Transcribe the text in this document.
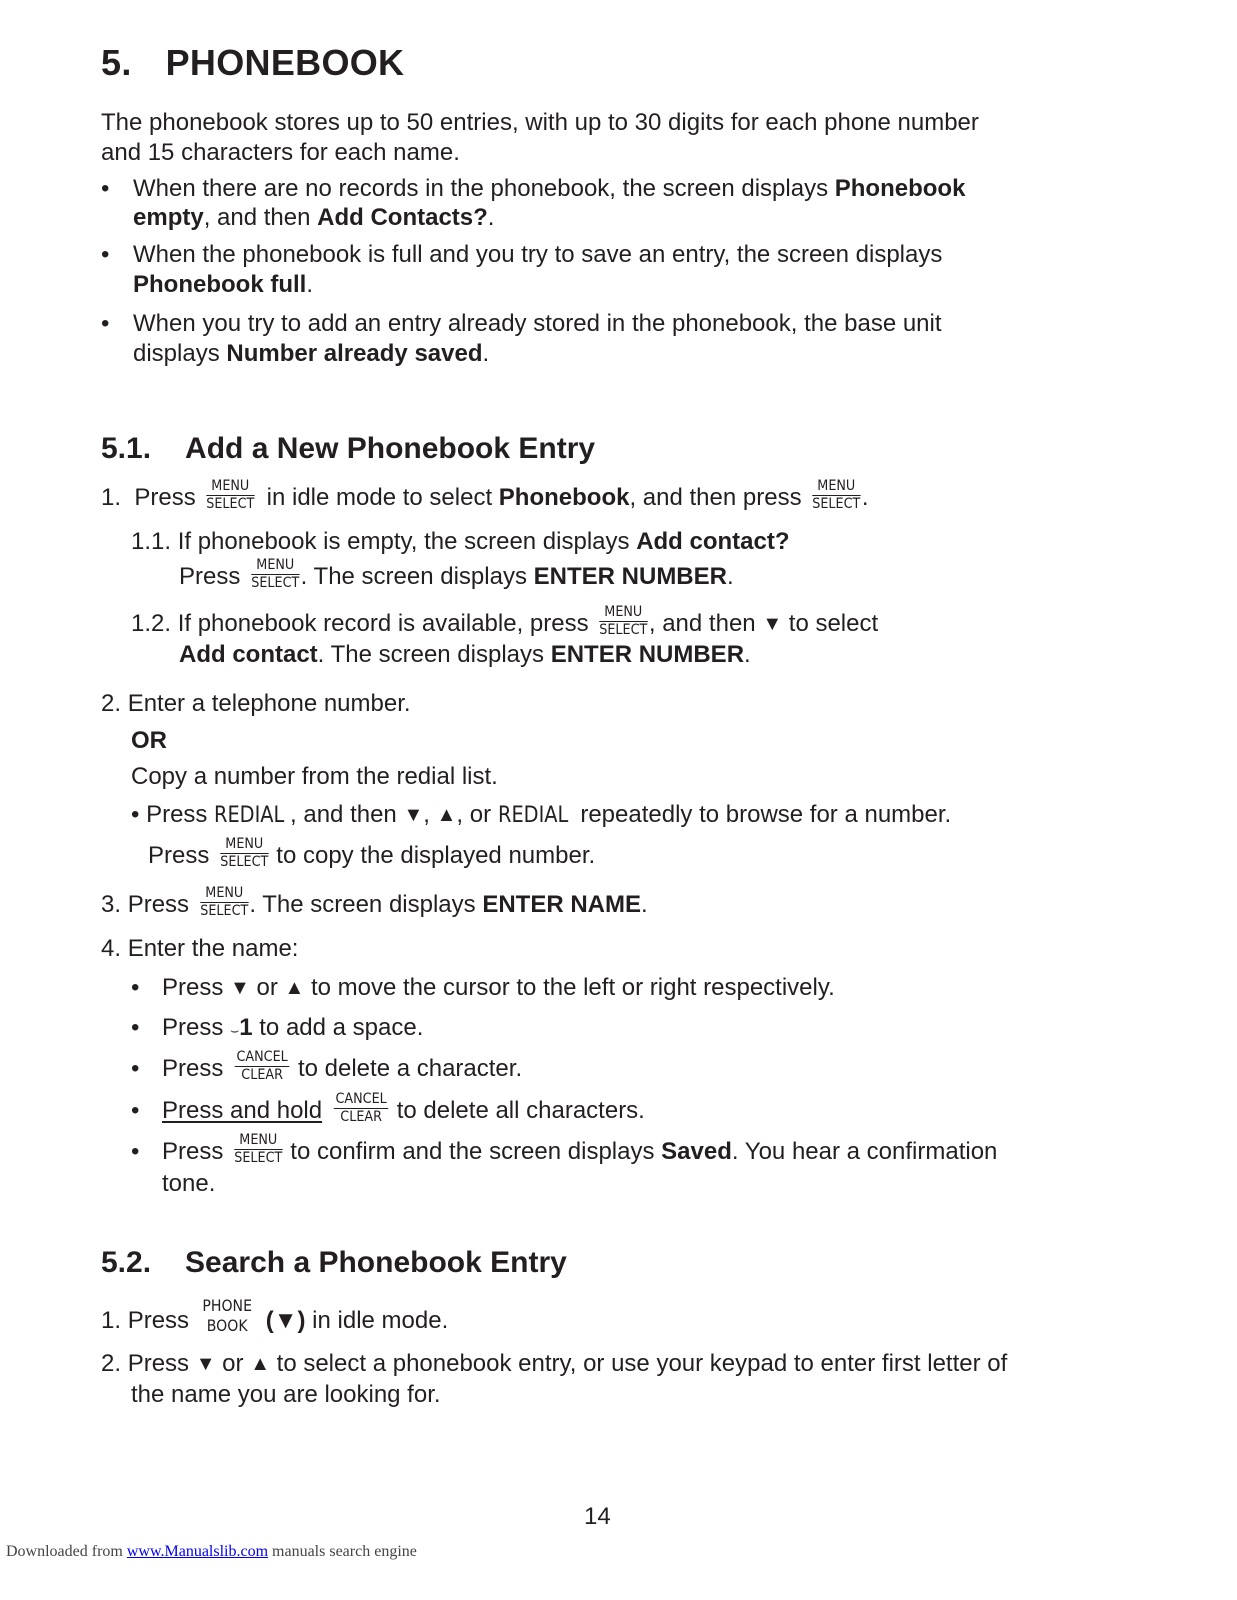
5. PHONEBOOK
The phonebook stores up to 50 entries, with up to 30 digits for each phone number
and 15 characters for each name.
• When there are no records in the phonebook, the screen displays Phonebook
empty, and then Add Contacts?.
• When the phonebook is full and you try to save an entry, the screen displays
Phonebook full.
• When you try to add an entry already stored in the phonebook, the base unit
displays Number already saved.
5.1. Add a New Phonebook Entry
1. Press	MENU
SELECT in idle mode to select Phonebook, and then press	MENU
SELECT .
1.1. If phonebook is empty, the screen displays Add contact?
Press	MENU
SELECT . The screen displays ENTER NUMBER.
1.2. If phonebook record is available, press	MENU
SELECT , and then ▼ to select
Add contact. The screen displays ENTER NUMBER.
2. Enter a telephone number.
OR
Copy a number from the redial list.
• Press REDIAL , and then ▼, ▲, or REDIAL repeatedly to browse for a number.
Press	MENU
SELECT to copy the displayed number.
3. Press	MENU
SELECT . The screen displays ENTER NAME.
4. Enter the name:
• Press ▼ or ▲ to move the cursor to the left or right respectively.
• Press ⌣1 to add a space.
• Press CANCEL
CLEAR to delete a character.
• Press and hold CANCEL
CLEAR to delete all characters.
• Press	MENU
SELECT to confirm and the screen displays Saved. You hear a confirmation
tone.
5.2. Search a Phonebook Entry
1. Press
PHONE
BOOK (▼) in idle mode.
2. Press ▼ or ▲ to select a phonebook entry, or use your keypad to enter first letter of
the name you are looking for.
14
Downloaded from www.Manualslib.com manuals search engine
